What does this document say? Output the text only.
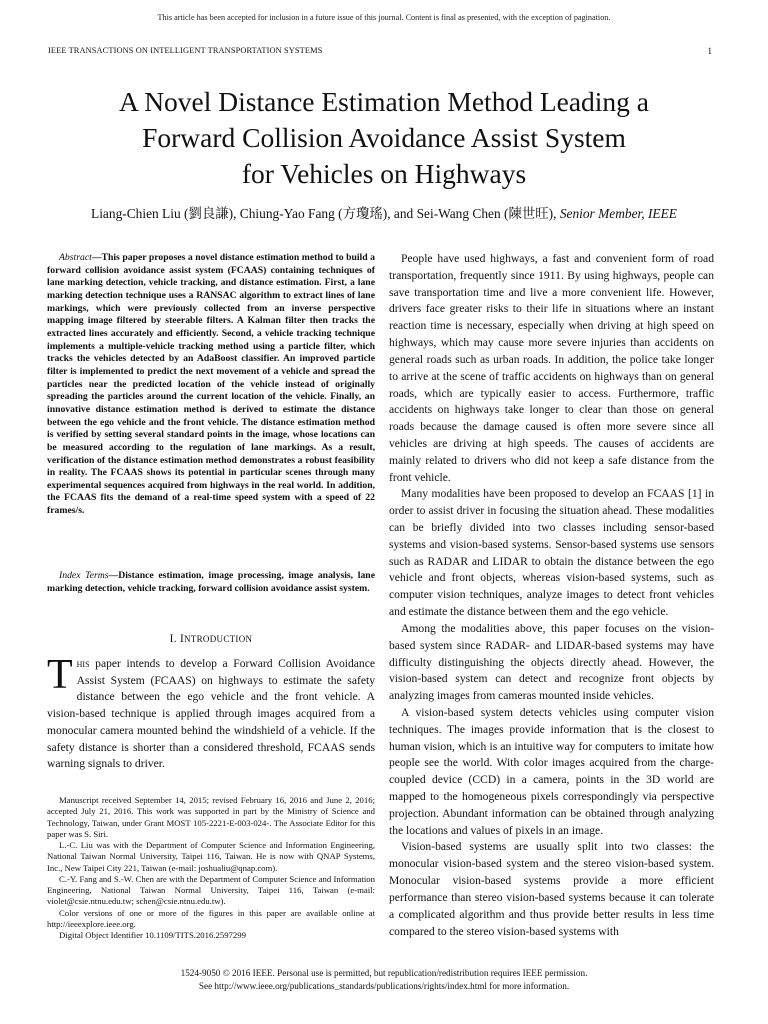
This article has been accepted for inclusion in a future issue of this journal. Content is final as presented, with the exception of pagination.
IEEE TRANSACTIONS ON INTELLIGENT TRANSPORTATION SYSTEMS	1
A Novel Distance Estimation Method Leading a
Forward Collision Avoidance Assist System
for Vehicles on Highways
Liang-Chien Liu (劉良謙), Chiung-Yao Fang (方瓊瑤), and Sei-Wang Chen (陳世旺), Senior Member, IEEE

Abstract—This paper proposes a novel distance estimation method to build a forward collision avoidance assist system (FCAAS) containing techniques of lane marking detection, vehicle tracking, and distance estimation. First, a lane marking detection technique uses a RANSAC algorithm to extract lines of lane markings, which were previously collected from an inverse perspective mapping image filtered by steerable filters. A Kalman filter then tracks the extracted lines accurately and efficiently. Second, a vehicle tracking technique implements a multiple-vehicle tracking method using a particle filter, which tracks the vehicles detected by an AdaBoost classifier. An improved particle filter is implemented to predict the next movement of a vehicle and spread the particles near the predicted location of the vehicle instead of originally spreading the particles around the current location of the vehicle. Finally, an innovative distance estimation method is derived to estimate the distance between the ego vehicle and the front vehicle. The distance estimation method is verified by setting several standard points in the image, whose locations can be measured according to the regulation of lane markings. As a result, verification of the distance estimation method demonstrates a robust feasibility in reality. The FCAAS shows its potential in particular scenes through many experimental sequences acquired from highways in the real world. In addition, the FCAAS fits the demand of a real-time speed system with a speed of 22 frames/s.

Index Terms—Distance estimation, image processing, image analysis, lane marking detection, vehicle tracking, forward collision avoidance assist system.

I. INTRODUCTION

This paper intends to develop a Forward Collision Avoidance Assist System (FCAAS) on highways to estimate the safety distance between the ego vehicle and the front vehicle. A vision-based technique is applied through images acquired from a monocular camera mounted behind the windshield of a vehicle. If the safety distance is shorter than a considered threshold, FCAAS sends warning signals to driver.

Manuscript received September 14, 2015; revised February 16, 2016 and June 2, 2016; accepted July 21, 2016. This work was supported in part by the Ministry of Science and Technology, Taiwan, under Grant MOST 105-2221-E-003-024-. The Associate Editor for this paper was S. Siri.

L.-C. Liu was with the Department of Computer Science and Information Engineering, National Taiwan Normal University, Taipei 116, Taiwan. He is now with QNAP Systems, Inc., New Taipei City 221, Taiwan (e-mail: joshualiu@qnap.com).

C.-Y. Fang and S.-W. Chen are with the Department of Computer Science and Information Engineering, National Taiwan Normal University, Taipei 116, Taiwan (e-mail: violet@csie.ntnu.edu.tw; schen@csie.ntnu.edu.tw).

Color versions of one or more of the figures in this paper are available online at http://ieeexplore.ieee.org.

Digital Object Identifier 10.1109/TITS.2016.2597299

People have used highways, a fast and convenient form of road transportation, frequently since 1911. By using highways, people can save transportation time and live a more convenient life. However, drivers face greater risks to their life in situations where an instant reaction time is necessary, especially when driving at high speed on highways, which may cause more severe injuries than accidents on general roads such as urban roads. In addition, the police take longer to arrive at the scene of traffic accidents on highways than on general roads, which are typically easier to access. Furthermore, traffic accidents on highways take longer to clear than those on general roads because the damage caused is often more severe since all vehicles are driving at high speeds. The causes of accidents are mainly related to drivers who did not keep a safe distance from the front vehicle.

Many modalities have been proposed to develop an FCAAS [1] in order to assist driver in focusing the situation ahead. These modalities can be briefly divided into two classes including sensor-based systems and vision-based systems. Sensor-based systems use sensors such as RADAR and LIDAR to obtain the distance between the ego vehicle and front objects, whereas vision-based systems, such as computer vision techniques, analyze images to detect front vehicles and estimate the distance between them and the ego vehicle.

Among the modalities above, this paper focuses on the vision-based system since RADAR- and LIDAR-based systems may have difficulty distinguishing the objects directly ahead. However, the vision-based system can detect and recognize front objects by analyzing images from cameras mounted inside vehicles.

A vision-based system detects vehicles using computer vision techniques. The images provide information that is the closest to human vision, which is an intuitive way for computers to imitate how people see the world. With color images acquired from the charge-coupled device (CCD) in a camera, points in the 3D world are mapped to the homogeneous pixels correspondingly via perspective projection. Abundant information can be obtained through analyzing the locations and values of pixels in an image.

Vision-based systems are usually split into two classes: the monocular vision-based system and the stereo vision-based system. Monocular vision-based systems provide a more efficient performance than stereo vision-based systems because it can tolerate a complicated algorithm and thus provide better results in less time compared to the stereo vision-based systems with

1524-9050 © 2016 IEEE. Personal use is permitted, but republication/redistribution requires IEEE permission.
See http://www.ieee.org/publications_standards/publications/rights/index.html for more information.
